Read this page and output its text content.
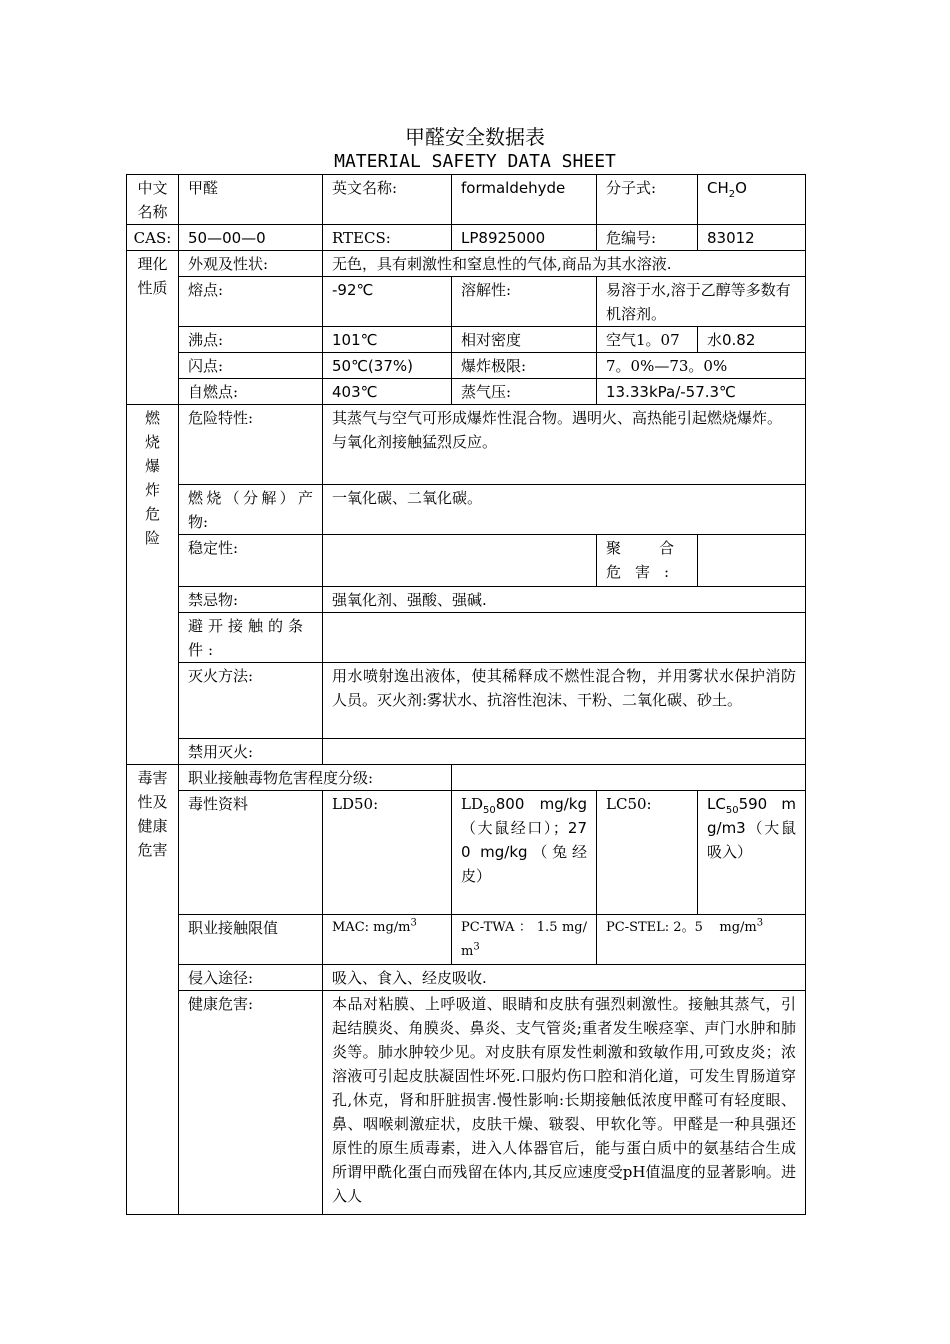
甲醛安全数据表
MATERIAL SAFETY DATA SHEET
中文名称	甲醛	英文名称:	formaldehyde	分子式:	$CH_2O$
CAS:	50—00—0	RTECS:	LP8925000	危编号:	83012
理化性质	外观及性状:	无色，具有刺激性和窒息性的气体,商品为其水溶液.			
	熔点:	-92℃	溶解性:	易溶于水,溶于乙醇等多数有机溶剂。	
	沸点:	101℃	相对密度	空气1。07	水0.82
	闪点:	50℃(37%)	爆炸极限:	7。0%—73。0%	
	自燃点:	403℃	蒸气压:	13.33kPa/-57.3℃	

燃烧爆炸危险	危险特性:	其蒸气与空气可形成爆炸性混合物。遇明火、高热能引起燃烧爆炸。与氧化剂接触猛烈反应。			
	燃烧（分解）产物:	一氧化碳、二氧化碳。			
	稳定性:			聚合危害:	
	禁忌物:	强氧化剂、强酸、强碱.			
	避开接触的条件:				
	灭火方法:	用水喷射逸出液体，使其稀释成不燃性混合物，并用雾状水保护消防人员。灭火剂:雾状水、抗溶性泡沫、干粉、二氧化碳、砂土。			
	禁用灭火:				

毒害性及健康危害	职业接触毒物危害程度分级:				
	毒性资料	LD50:	$LD_{50}800$ mg/kg（大鼠经口）；270 mg/kg（兔经皮）	LC50:	$LC_{50}590$ mg/m3（大鼠吸入）
	职业接触限值	MAC: $mg/m^3$	PC-TWA ： 1.5 $mg/m^3$	PC-STEL: 2。5    $mg/m^3$
	侵入途径:	吸入、食入、经皮吸收.			
	健康危害:	本品对粘膜、上呼吸道、眼睛和皮肤有强烈刺激性。接触其蒸气，引起结膜炎、角膜炎、鼻炎、支气管炎;重者发生喉痉挛、声门水肿和肺炎等。肺水肿较少见。对皮肤有原发性刺激和致敏作用,可致皮炎；浓溶液可引起皮肤凝固性坏死.口服灼伤口腔和消化道，可发生胃肠道穿孔,休克，肾和肝脏损害.慢性影响:长期接触低浓度甲醛可有轻度眼、鼻、咽喉刺激症状，皮肤干燥、皲裂、甲软化等。甲醛是一种具强还原性的原生质毒素，进入人体器官后，能与蛋白质中的氨基结合生成所谓甲酰化蛋白而残留在体内,其反应速度受pH值温度的显著影响。进入人			
